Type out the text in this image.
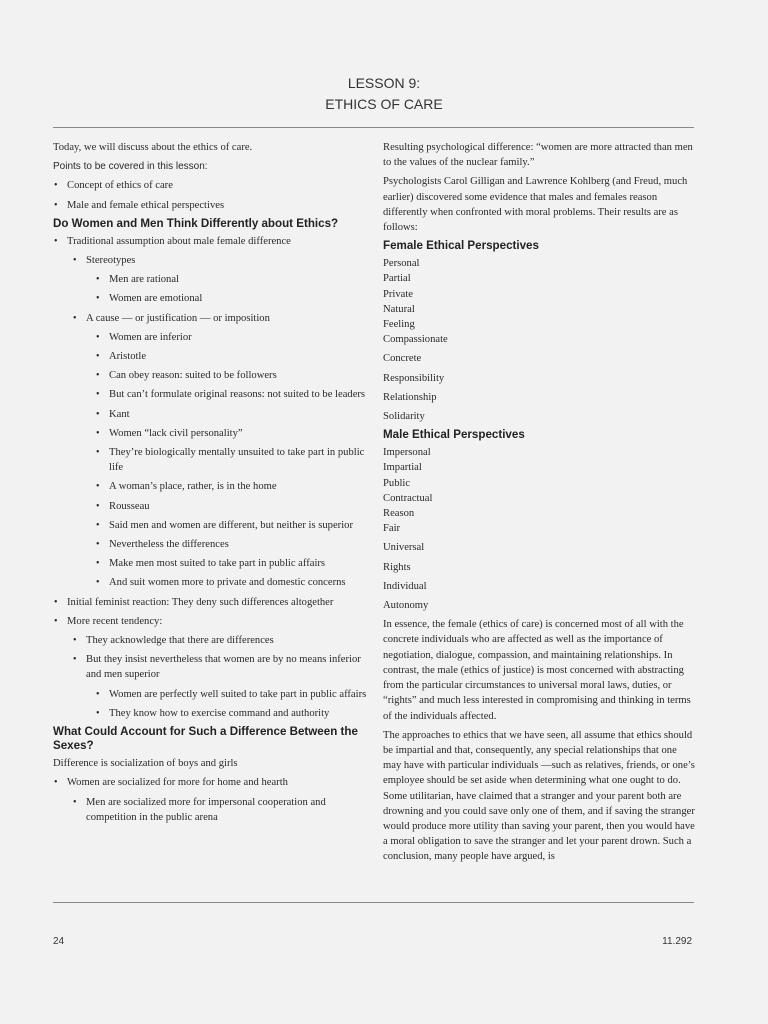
LESSON 9:
ETHICS OF CARE

Today, we will discuss about the ethics of care.

Points to be covered in this lesson:

• Concept of ethics of care
• Male and female ethical perspectives
Do Women and Men Think Differently about Ethics?
• Traditional assumption about male female difference
• Stereotypes
• Men are rational
• Women are emotional
• A cause — or justification — or imposition
• Women are inferior
• Aristotle
• Can obey reason: suited to be followers
• But can’t formulate original reasons: not suited to be leaders
• Kant
• Women “lack civil personality”
• They’re biologically mentally unsuited to take part in public life
• A woman’s place, rather, is in the home
• Rousseau
• Said men and women are different, but neither is superior
• Nevertheless the differences
• Make men most suited to take part in public affairs
• And suit women more to private and domestic concerns
• Initial feminist reaction: They deny such differences altogether
• More recent tendency:
• They acknowledge that there are differences
• But they insist nevertheless that women are by no means inferior and men superior
• Women are perfectly well suited to take part in public affairs
• They know how to exercise command and authority
What Could Account for Such a Difference Between the Sexes?

Difference is socialization of boys and girls

• Women are socialized for more for home and hearth
• Men are socialized more for impersonal cooperation and competition in the public arena

Resulting psychological difference: “women are more attracted than men to the values of the nuclear family.”

Psychologists Carol Gilligan and Lawrence Kohlberg (and Freud, much earlier) discovered some evidence that males and females reason differently when confronted with moral problems. Their results are as follows:

Female Ethical Perspectives
Personal
Partial
Private
Natural
Feeling
Compassionate
Concrete
Responsibility
Relationship
Solidarity
Male Ethical Perspectives
Impersonal
Impartial
Public
Contractual
Reason
Fair
Universal
Rights
Individual
Autonomy

In essence, the female (ethics of care) is concerned most of all with the concrete individuals who are affected as well as the importance of negotiation, dialogue, compassion, and maintaining relationships. In contrast, the male (ethics of justice) is most concerned with abstracting from the particular circumstances to universal moral laws, duties, or “rights” and much less interested in compromising and thinking in terms of the individuals affected.

The approaches to ethics that we have seen, all assume that ethics should be impartial and that, consequently, any special relationships that one may have with particular individuals —such as relatives, friends, or one’s employee should be set aside when determining what one ought to do. Some utilitarian, have claimed that a stranger and your parent both are drowning and you could save only one of them, and if saving the stranger would produce more utility than saving your parent, then you would have a moral obligation to save the stranger and let your parent drown. Such a conclusion, many people have argued, is

24	11.292
